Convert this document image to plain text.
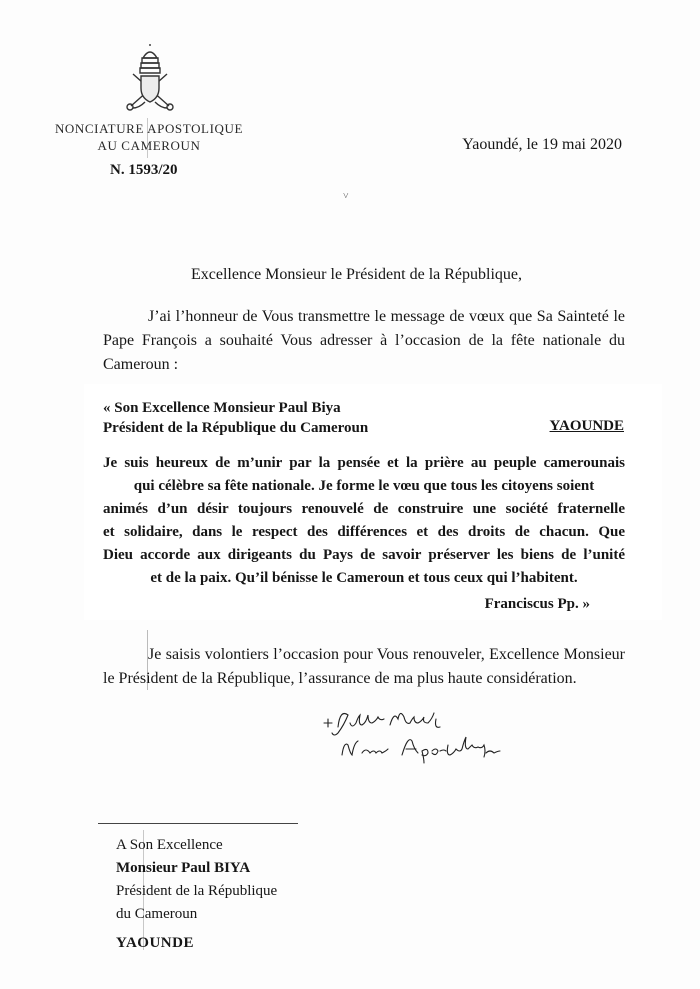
NONCIATURE APOSTOLIQUE
AU CAMEROUN
N. 1593/20
Yaoundé, le 19 mai 2020
˅
Excellence Monsieur le Président de la République,
J’ai l’honneur de Vous transmettre le message de vœux que Sa Sainteté le Pape François a souhaité Vous adresser à l’occasion de la fête nationale du Cameroun :
« Son Excellence Monsieur Paul Biya
Président de la République du Cameroun	YAOUNDE

Je suis heureux de m’unir par la pensée et la prière au peuple camerounais

qui célèbre sa fête nationale. Je forme le vœu que tous les citoyens soient

animés d’un désir toujours renouvelé de construire une société fraternelle

et solidaire, dans le respect des différences et des droits de chacun. Que

Dieu accorde aux dirigeants du Pays de savoir préserver les biens de l’unité

et de la paix. Qu’il bénisse le Cameroun et tous ceux qui l’habitent.

Franciscus Pp. »
Je saisis volontiers l’occasion pour Vous renouveler, Excellence Monsieur le Président de la République, l’assurance de ma plus haute considération.
A Son Excellence
Monsieur Paul BIYA
Président de la République
du Cameroun
YAOUNDE
